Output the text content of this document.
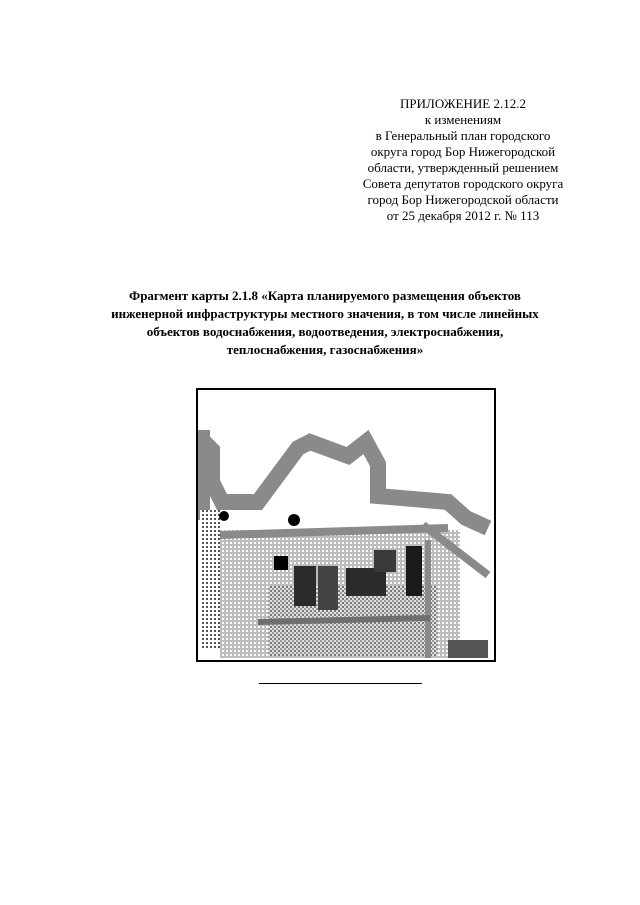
ПРИЛОЖЕНИЕ 2.12.2
к изменениям
в Генеральный план городского
округа город Бор Нижегородской
области, утвержденный решением
Совета депутатов городского округа
город Бор Нижегородской области
от 25 декабря 2012 г. № 113
Фрагмент карты 2.1.8 «Карта планируемого размещения объектов
инженерной инфраструктуры местного значения, в том числе линейных
объектов водоснабжения, водоотведения, электроснабжения,
теплоснабжения, газоснабжения»
